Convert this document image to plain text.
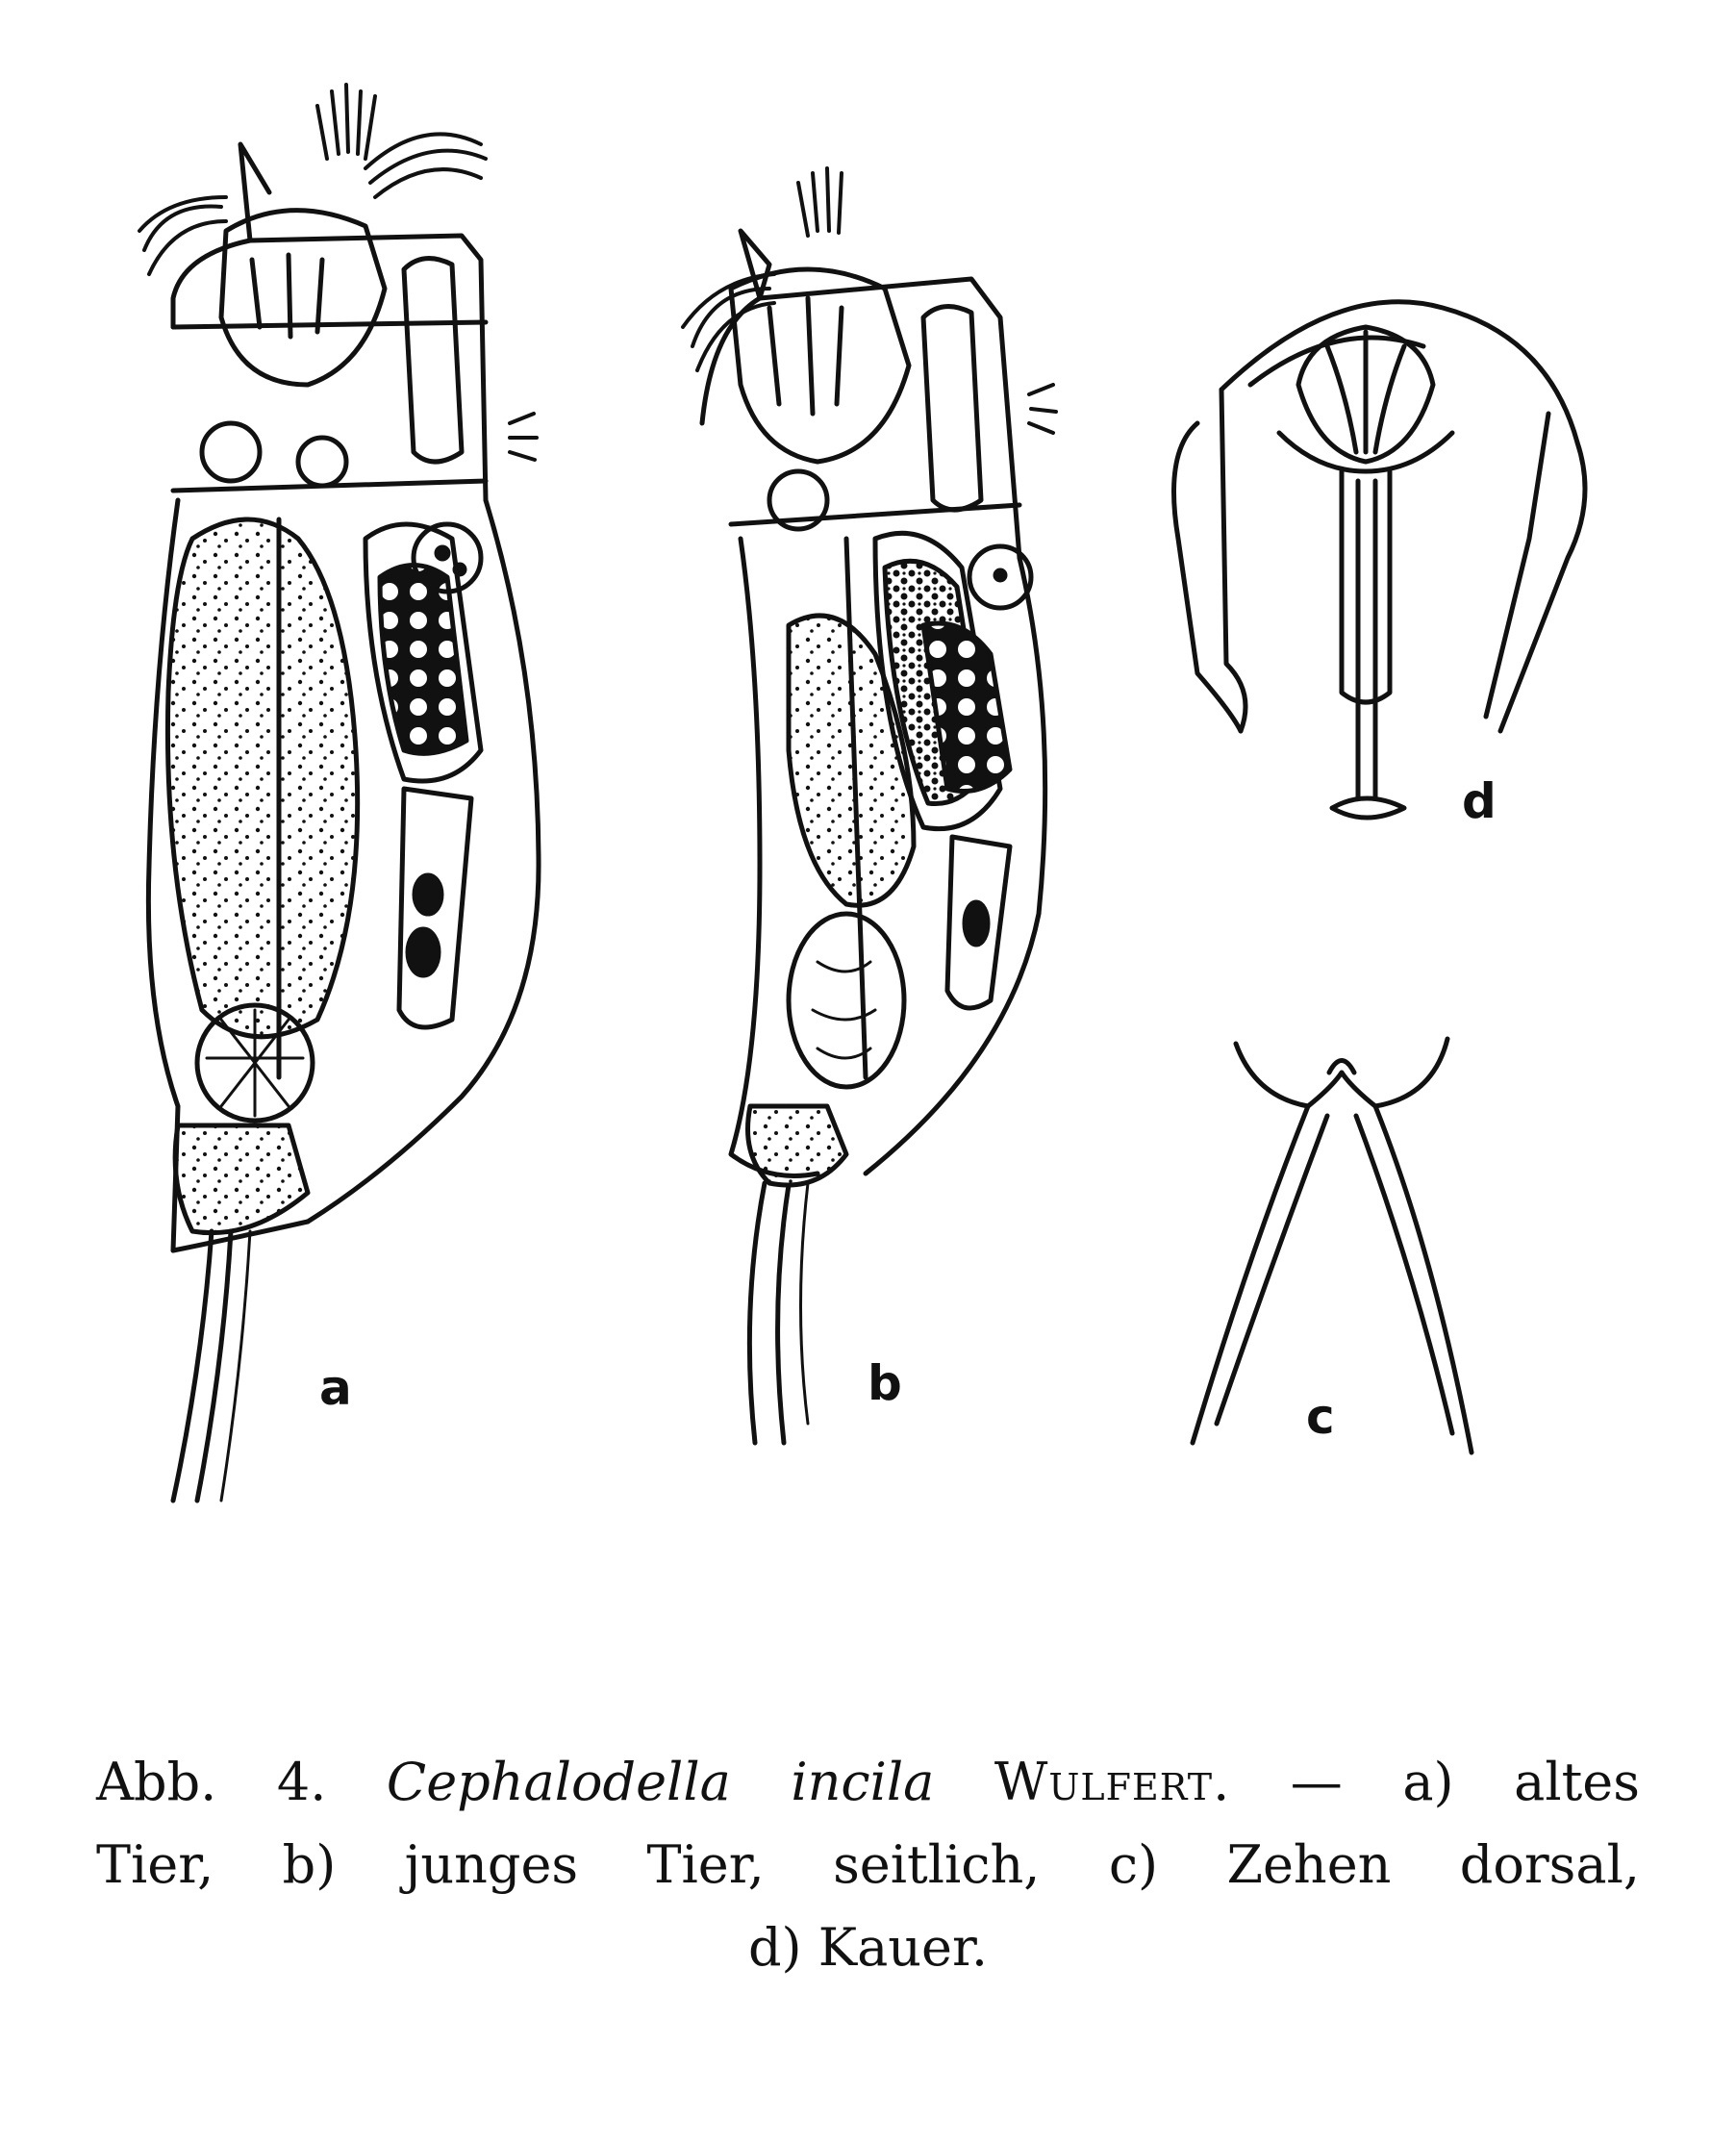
a	b
c
d
Abb. 4. Cephalodella incila Wulfert. — a) altes
Tier, b) junges Tier, seitlich, c) Zehen dorsal,
d) Kauer.
